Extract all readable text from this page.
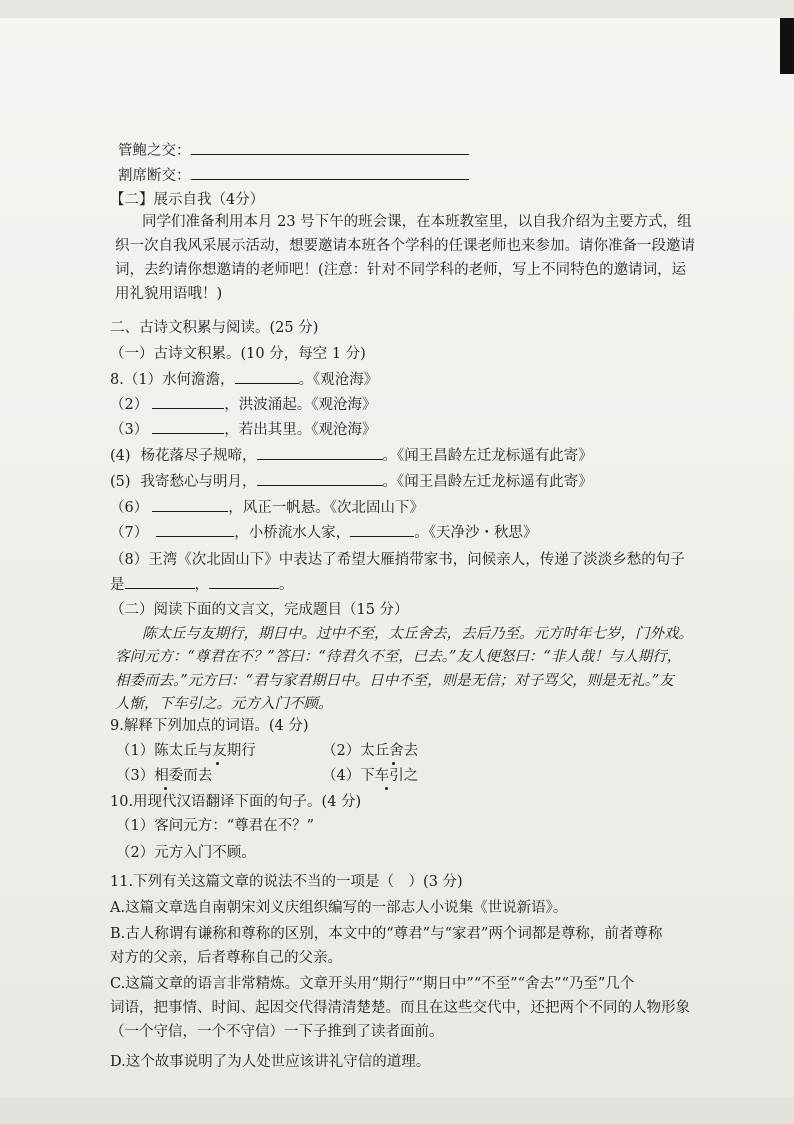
管鲍之交：
割席断交：
【二】展示自我（4分）
同学们准备利用本月 23 号下午的班会课，在本班教室里，以自我介绍为主要方式，组
织一次自我风采展示活动，想要邀请本班各个学科的任课老师也来参加。请你准备一段邀请
词，去约请你想邀请的老师吧！(注意：针对不同学科的老师，写上不同特色的邀请词，运
用礼貌用语哦！)
二、古诗文积累与阅读。(25 分)
（一）古诗文积累。(10 分，每空 1 分)
8.（1）水何澹澹，	。《观沧海》
（2）	，洪波涌起。《观沧海》
（3）	，若出其里。《观沧海》
(4) 杨花落尽子规啼，	。《闻王昌龄左迁龙标遥有此寄》
(5) 我寄愁心与明月，	。《闻王昌龄左迁龙标遥有此寄》
（6）	，风正一帆悬。《次北固山下》
（7）	，小桥流水人家，	。《天净沙・秋思》
（8）王湾《次北固山下》中表达了希望大雁捎带家书，问候亲人，传递了淡淡乡愁的句子
是	，	。
（二）阅读下面的文言文，完成题目（15 分）
陈太丘与友期行，期日中。过中不至，太丘舍去，去后乃至。元方时年七岁，门外戏。
客问元方：“尊君在不？”答曰：“待君久不至，已去。”友人便怒曰：“非人哉！与人期行，
相委而去。”元方曰：“君与家君期日中。日中不至，则是无信；对子骂父，则是无礼。”友
人惭，下车引之。元方入门不顾。
9.解释下列加点的词语。(4 分)
（1）陈太丘与友期行	（2）太丘舍去
（3）相委而去	（4）下车引之
10.用现代汉语翻译下面的句子。(4 分)
（1）客问元方：“尊君在不？”
（2）元方入门不顾。
11.下列有关这篇文章的说法不当的一项是（　）(3 分)
A.这篇文章选自南朝宋刘义庆组织编写的一部志人小说集《世说新语》。
B.古人称谓有谦称和尊称的区别，本文中的“尊君”与“家君”两个词都是尊称，前者尊称
对方的父亲，后者尊称自己的父亲。
C.这篇文章的语言非常精炼。文章开头用“期行”“期日中”“不至”“舍去”“乃至”几个
词语，把事情、时间、起因交代得清清楚楚。而且在这些交代中，还把两个不同的人物形象
（一个守信，一个不守信）一下子推到了读者面前。
D.这个故事说明了为人处世应该讲礼守信的道理。
